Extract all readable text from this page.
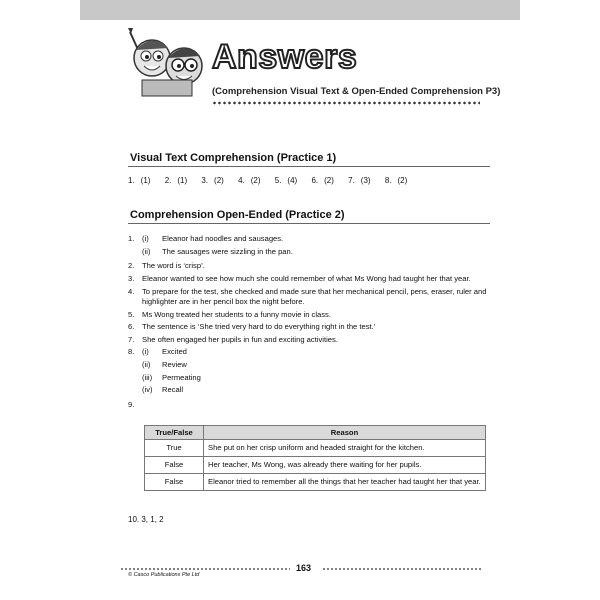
Answers
(Comprehension Visual Text & Open-Ended Comprehension P3)
Visual Text Comprehension (Practice 1)
1. (1) 2. (1) 3. (2) 4. (2) 5. (4) 6. (2) 7. (3) 8. (2)
Comprehension Open-Ended (Practice 2)
1.	(i)	Eleanor had noodles and sausages.
(ii)	The sausages were sizzling in the pan.
2.	The word is ‘crisp’.
3.	Eleanor wanted to see how much she could remember of what Ms Wong had taught her that year.
4.	To prepare for the test, she checked and made sure that her mechanical pencil, pens, eraser, ruler and highlighter are in her pencil box the night before.
5.	Ms Wong treated her students to a funny movie in class.
6.	The sentence is ‘She tried very hard to do everything right in the test.’
7.	She often engaged her pupils in fun and exciting activities.
8.	(i)	Excited
(ii)	Review
(iii)	Permeating
(iv)	Recall
9.
True/False	Reason
True	She put on her crisp uniform and headed straight for the kitchen.
False	Her teacher, Ms Wong, was already there waiting for her pupils.
False	Eleanor tried to remember all the things that her teacher had taught her that year.
10. 3, 1, 2
163
© Casco Publications Pte Ltd
